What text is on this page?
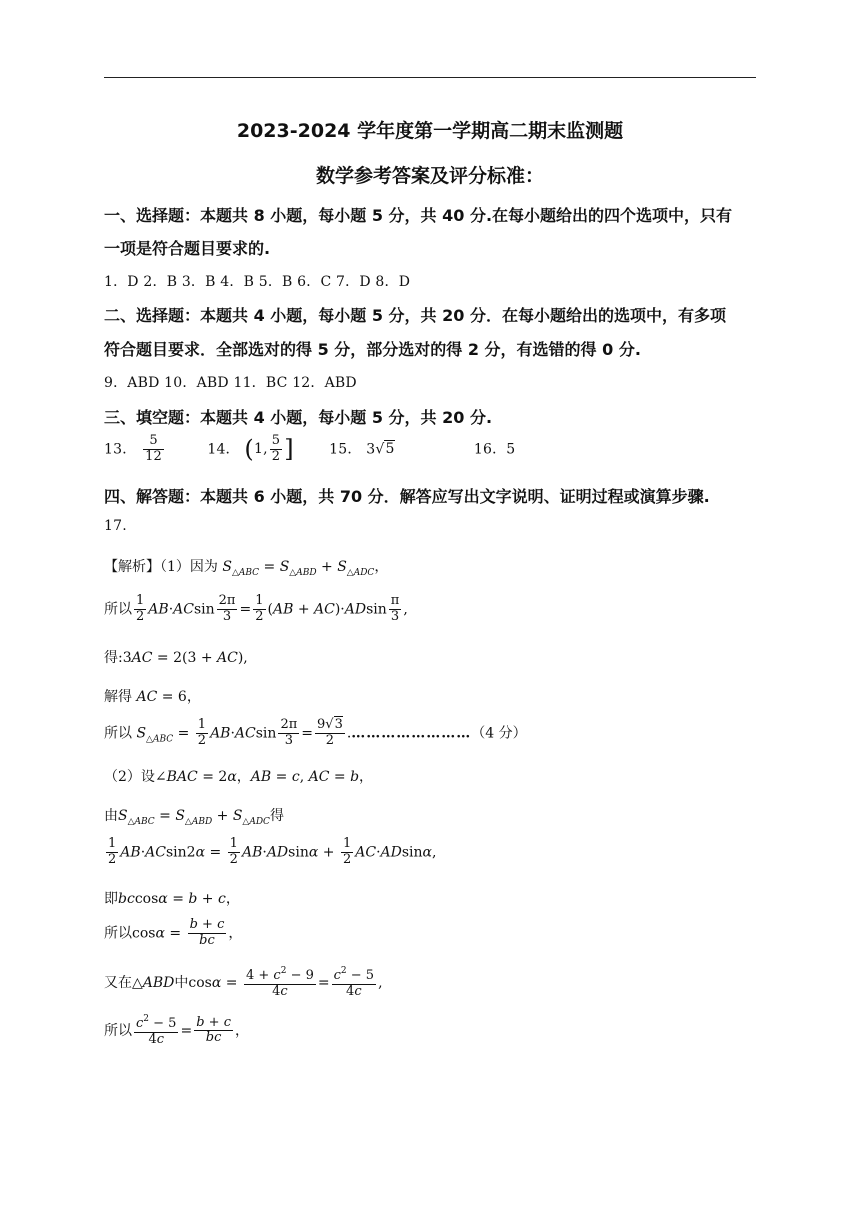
2023-2024 学年度第一学期高二期末监测题
数学参考答案及评分标准：
一、选择题：本题共 8 小题，每小题 5 分，共 40 分.在每小题给出的四个选项中，只有
一项是符合题目要求的.
1．D 2．B 3．B 4．B 5．B 6．C 7．D 8．D
二、选择题：本题共 4 小题，每小题 5 分，共 20 分．在每小题给出的选项中，有多项
符合题目要求．全部选对的得 5 分，部分选对的得 2 分，有选错的得 0 分.
9．ABD 10．ABD 11．BC 12．ABD
三、填空题：本题共 4 小题，每小题 5 分，共 20 分.
13． $\frac{5}{12}$	14． (1, $\frac{5}{2}$ ]	15． 3√5	16．5
四、解答题：本题共 6 小题，共 70 分．解答应写出文字说明、证明过程或演算步骤.
17.
【解析】（1）因为 $S_{\triangle ABC} = S_{\triangle ABD} + S_{\triangle ADC}$，
所以 $\frac{1}{2} AB\cdot ACsin \frac{2\pi}{3} = \frac{1}{2} (AB + AC)\cdot ADsin \frac{\pi}{3}$ ,
得:3AC = 2(3 + AC),
解得 AC = 6，
所以 $S_{\triangle ABC} = \frac{1}{2} AB\cdot ACsin \frac{2\pi}{3} = \frac{9√3}{2}$ .……………………（4 分）
（2）设∠BAC = 2α，AB = c, AC = b，
由$S_{\triangle ABC} = S_{\triangle ABD} + S_{\triangle ADC}$得
$\frac{1}{2} AB\cdot ACsin2\alpha = \frac{1}{2} AB\cdot ADsin\alpha + \frac{1}{2} AC\cdot ADsin\alpha$,
即bccosα = b + c，
所以$\cos\alpha = \frac{b + c}{bc}$ ，
又在△ABD中$\cos\alpha = \frac{4 + c^2 - 9}{4c} = \frac{c^2 - 5}{4c}$ ,
所以 $\frac{c^2 - 5}{4c} = \frac{b + c}{bc}$ ，
